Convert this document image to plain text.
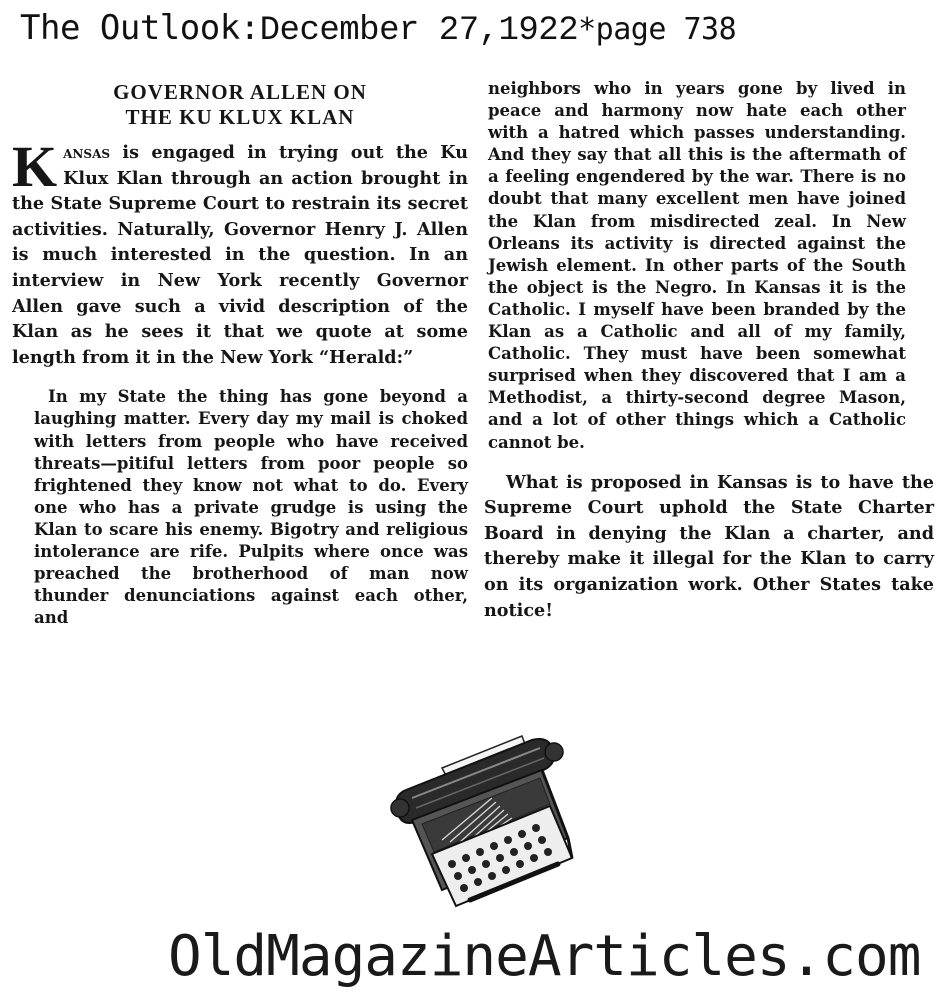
The Outlook:December 27,1922*page 738
GOVERNOR ALLEN ON
THE KU KLUX KLAN

Kansas is engaged in trying out the Ku Klux Klan through an action brought in the State Supreme Court to restrain its secret activities. Naturally, Governor Henry J. Allen is much interested in the question. In an interview in New York recently Governor Allen gave such a vivid description of the Klan as he sees it that we quote at some length from it in the New York “Herald:”

In my State the thing has gone beyond a laughing matter. Every day my mail is choked with letters from people who have received threats—pitiful letters from poor people so frightened they know not what to do. Every one who has a private grudge is using the Klan to scare his enemy. Bigotry and religious intolerance are rife. Pulpits where once was preached the brotherhood of man now thunder denunciations against each other, and

neighbors who in years gone by lived in peace and harmony now hate each other with a hatred which passes understanding. And they say that all this is the aftermath of a feeling engendered by the war. There is no doubt that many excellent men have joined the Klan from misdirected zeal. In New Orleans its activity is directed against the Jewish element. In other parts of the South the object is the Negro. In Kansas it is the Catholic. I myself have been branded by the Klan as a Catholic and all of my family, Catholic. They must have been somewhat surprised when they discovered that I am a Methodist, a thirty-second degree Mason, and a lot of other things which a Catholic cannot be.

What is proposed in Kansas is to have the Supreme Court uphold the State Charter Board in denying the Klan a charter, and thereby make it illegal for the Klan to carry on its organization work. Other States take notice!

OldMagazineArticles.com
